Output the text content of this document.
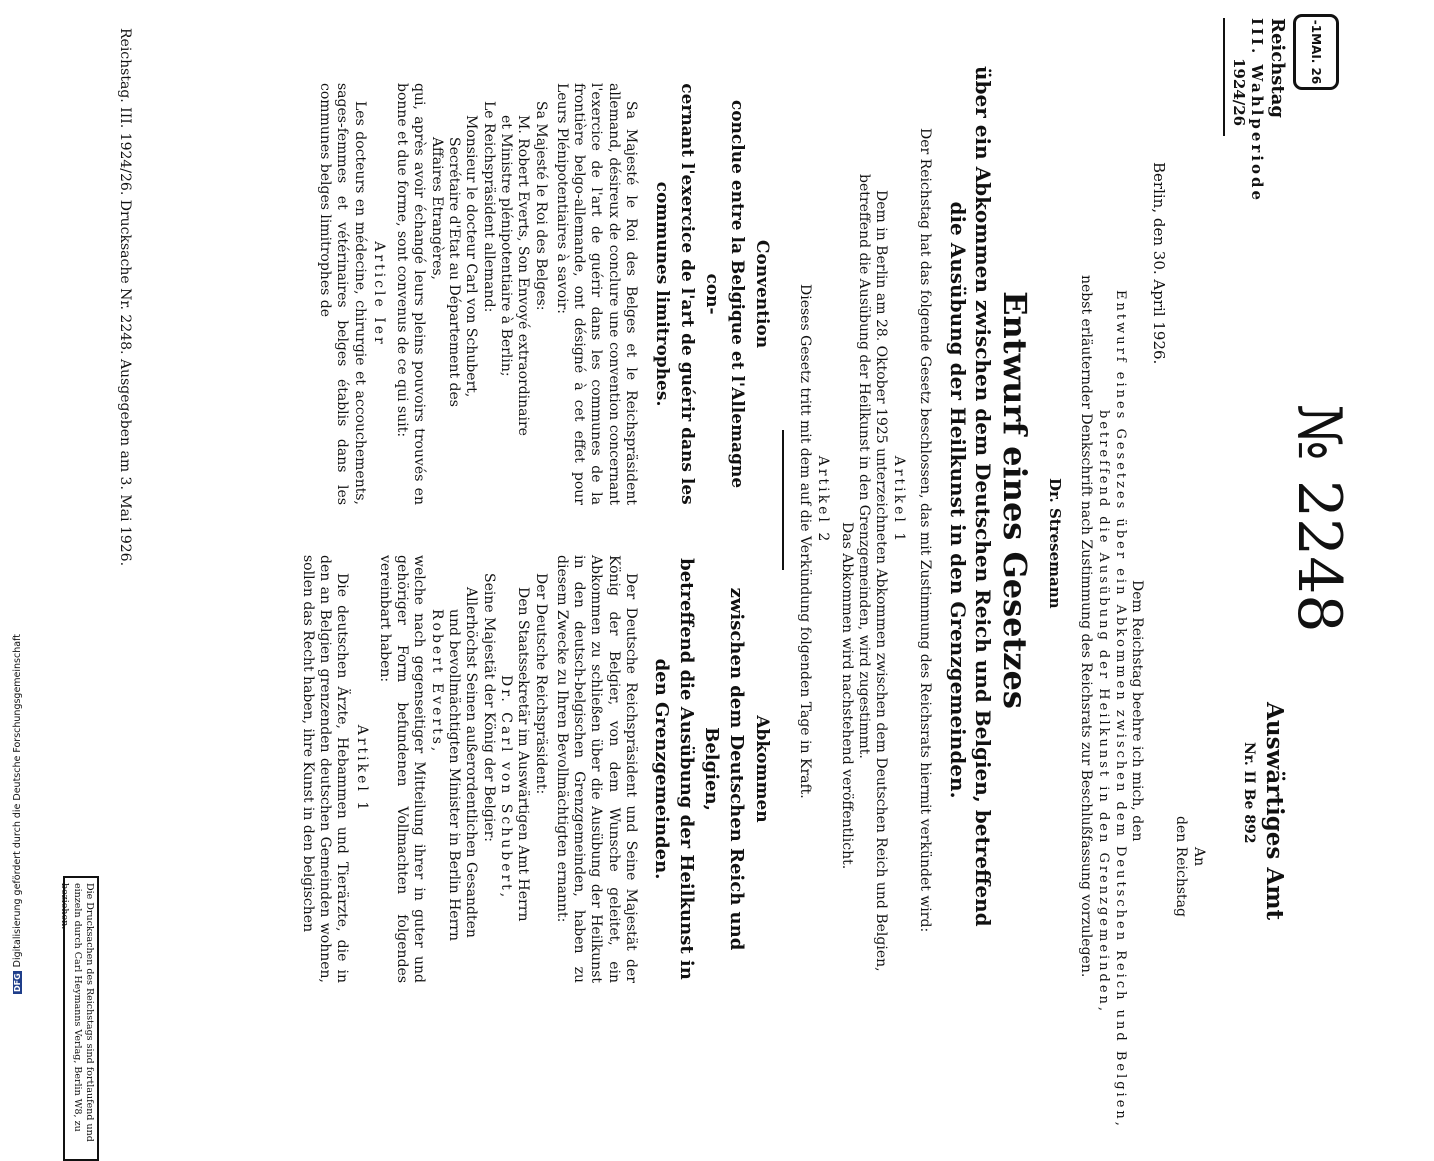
-1MAI. 26
Reichstag
III. Wahlperiode
1924/26
№ 2248
Auswärtiges Amt
Nr. II Be 892
An
den Reichstag
Berlin, den 30. April 1926.
Dem Reichstag beehre ich mich, den
Entwurf eines Gesetzes über ein Abkommen zwischen dem Deutschen Reich und Belgien,
betreffend die Ausübung der Heilkunst in den Grenzgemeinden,
nebst erläuternder Denkschrift nach Zustimmung des Reichsrats zur Beschlußfassung vorzulegen.
Dr. Stresemann
Entwurf eines Gesetzes
über ein Abkommen zwischen dem Deutschen Reich und Belgien, betreffend
die Ausübung der Heilkunst in den Grenzgemeinden.
Der Reichstag hat das folgende Gesetz beschlossen, das mit Zustimmung des Reichsrats hiermit verkündet wird:
Artikel 1
Dem in Berlin am 28. Oktober 1925 unterzeichneten Abkommen zwischen dem Deutschen Reich und Belgien,
betreffend die Ausübung der Heilkunst in den Grenzgemeinden, wird zugestimmt.
Das Abkommen wird nachstehend veröffentlicht.
Artikel 2
Dieses Gesetz tritt mit dem auf die Verkündung folgenden Tage in Kraft.
Convention
conclue entre la Belgique et l'Allemagne con-
cernant l'exercice de l'art de guérir dans les
communes limitrophes.

Sa Majesté le Roi des Belges et le Reichspräsident allemand, désireux de conclure une convention concernant l'exercice de l'art de guérir dans les communes de la frontière belgo-allemande, ont désigné à cet effet pour Leurs Plénipotentiaires à savoir:

Sa Majesté le Roi des Belges:

M. Robert Everts, Son Envoyé extraordinaire

et Ministre plénipotentiaire à Berlin;

Le Reichspräsident allemand:

Monsieur le docteur Carl von Schubert,

Secrétaire d'Etat au Département des

Affaires Etrangères,

qui, après avoir échangé leurs pleins pouvoirs trouvés en bonne et due forme, sont convenus de ce qui suit:

Article Ier

Les docteurs en médecine, chirurgie et accouchements, sages-femmes et vétérinaires belges établis dans les communes belges limitrophes de

Abkommen
zwischen dem Deutschen Reich und Belgien,
betreffend die Ausübung der Heilkunst in
den Grenzgemeinden.

Der Deutsche Reichspräsident und Seine Majestät der König der Belgier, von dem Wunsche geleitet, ein Abkommen zu schließen über die Ausübung der Heilkunst in den deutsch-belgischen Grenzgemeinden, haben zu diesem Zwecke zu Ihren Bevollmächtigten ernannt:

Der Deutsche Reichspräsident:

Den Staatssekretär im Auswärtigen Amt Herrn

Dr. Carl von Schubert,

Seine Majestät der König der Belgier:

Allerhöchst Seinen außerordentlichen Gesandten

und bevollmächtigten Minister in Berlin Herrn

Robert Everts,

welche nach gegenseitiger Mitteilung ihrer in guter und gehöriger Form befundenen Vollmachten folgendes vereinbart haben:

Artikel 1

Die deutschen Ärzte, Hebammen und Tierärzte, die in den an Belgien grenzenden deutschen Gemeinden wohnen, sollen das Recht haben, ihre Kunst in den belgischen

Reichstag. III. 1924/26. Drucksache Nr. 2248. Ausgegeben am 3. Mai 1926.
Die Drucksachen des Reichstags sind fortlaufend und einzeln durch Carl Heymanns Verlag, Berlin W8, zu beziehen.
DFG
Digitalisierung gefördert durch die Deutsche Forschungsgemeinschaft
